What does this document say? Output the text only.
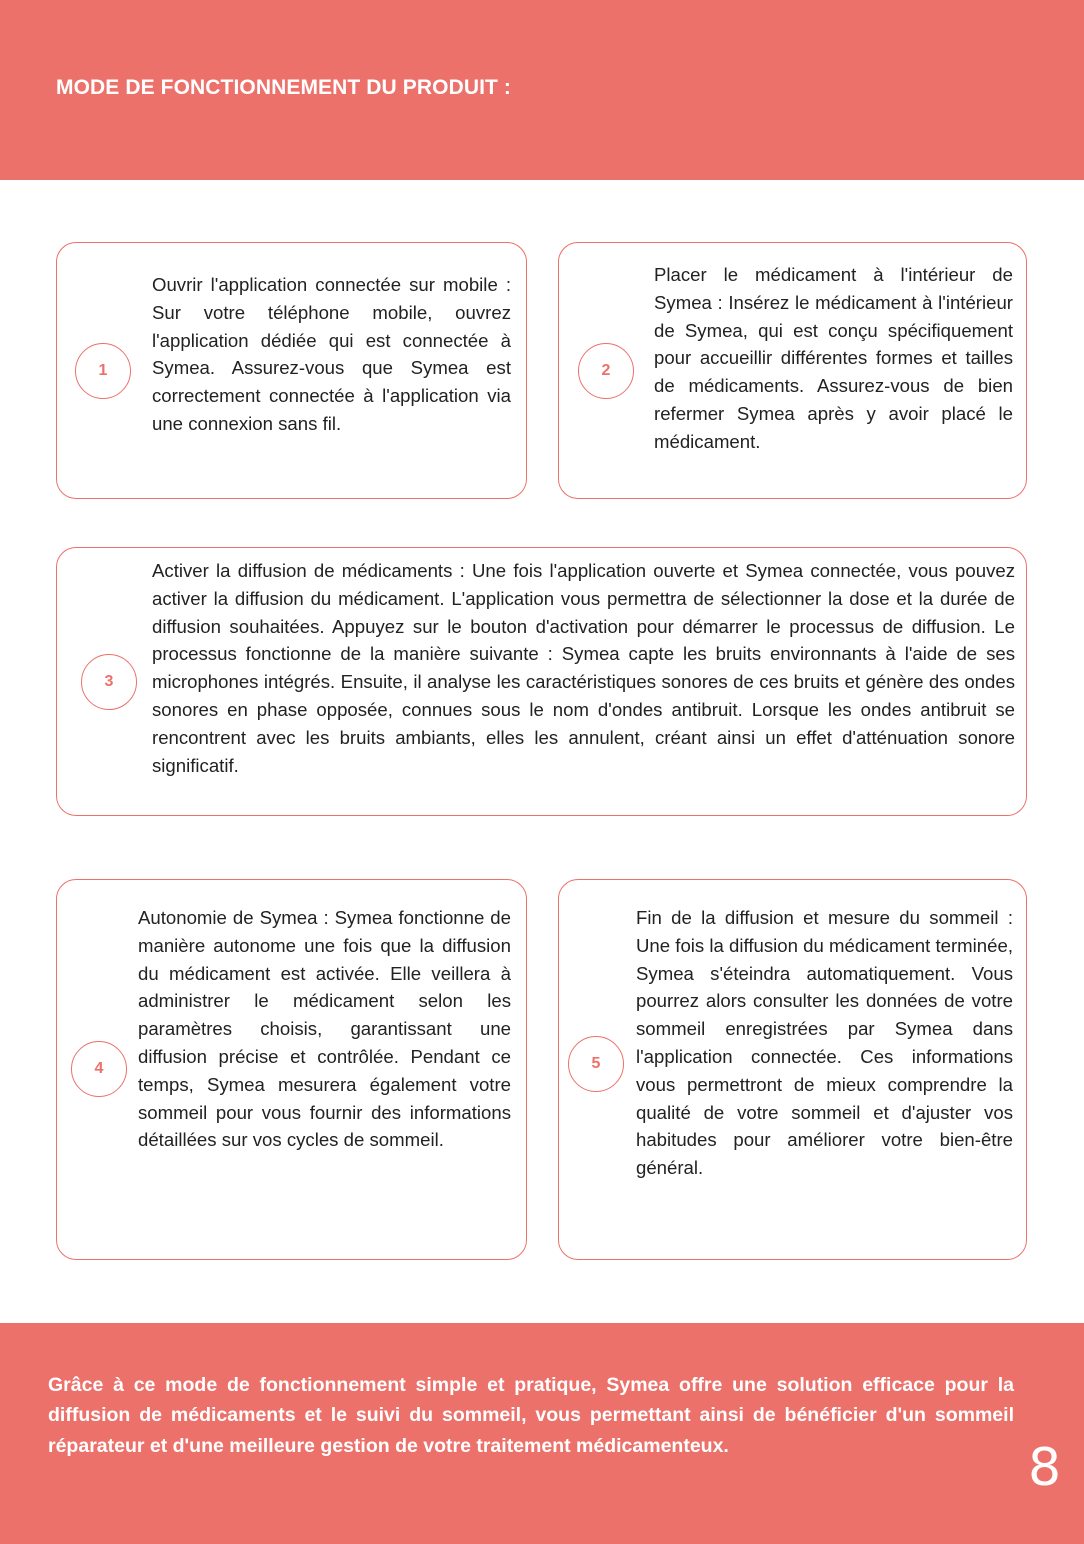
MODE DE FONCTIONNEMENT DU PRODUIT :
1
Ouvrir l'application connectée sur mobile : Sur votre téléphone mobile, ouvrez l'application dédiée qui est connectée à Symea. Assurez-vous que Symea est correctement connectée à l'application via une connexion sans fil.
2
Placer le médicament à l'intérieur de Symea : Insérez le médicament à l'intérieur de Symea, qui est conçu spécifiquement pour accueillir différentes formes et tailles de médicaments. Assurez-vous de bien refermer Symea après y avoir placé le médicament.
3
Activer la diffusion de médicaments : Une fois l'application ouverte et Symea connectée, vous pouvez activer la diffusion du médicament. L'application vous permettra de sélectionner la dose et la durée de diffusion souhaitées. Appuyez sur le bouton d'activation pour démarrer le processus de diffusion. Le processus fonctionne de la manière suivante : Symea capte les bruits environnants à l'aide de ses microphones intégrés. Ensuite, il analyse les caractéristiques sonores de ces bruits et génère des ondes sonores en phase opposée, connues sous le nom d'ondes antibruit. Lorsque les ondes antibruit se rencontrent avec les bruits ambiants, elles les annulent, créant ainsi un effet d'atténuation sonore significatif.
4
Autonomie de Symea : Symea fonctionne de manière autonome une fois que la diffusion du médicament est activée. Elle veillera à administrer le médicament selon les paramètres choisis, garantissant une diffusion précise et contrôlée. Pendant ce temps, Symea mesurera également votre sommeil pour vous fournir des informations détaillées sur vos cycles de sommeil.
5
Fin de la diffusion et mesure du sommeil : Une fois la diffusion du médicament terminée, Symea s'éteindra automatiquement. Vous pourrez alors consulter les données de votre sommeil enregistrées par Symea dans l'application connectée. Ces informations vous permettront de mieux comprendre la qualité de votre sommeil et d'ajuster vos habitudes pour améliorer votre bien-être général.
Grâce à ce mode de fonctionnement simple et pratique, Symea offre une solution efficace pour la diffusion de médicaments et le suivi du sommeil, vous permettant ainsi de bénéficier d'un sommeil réparateur et d'une meilleure gestion de votre traitement médicamenteux.	8
